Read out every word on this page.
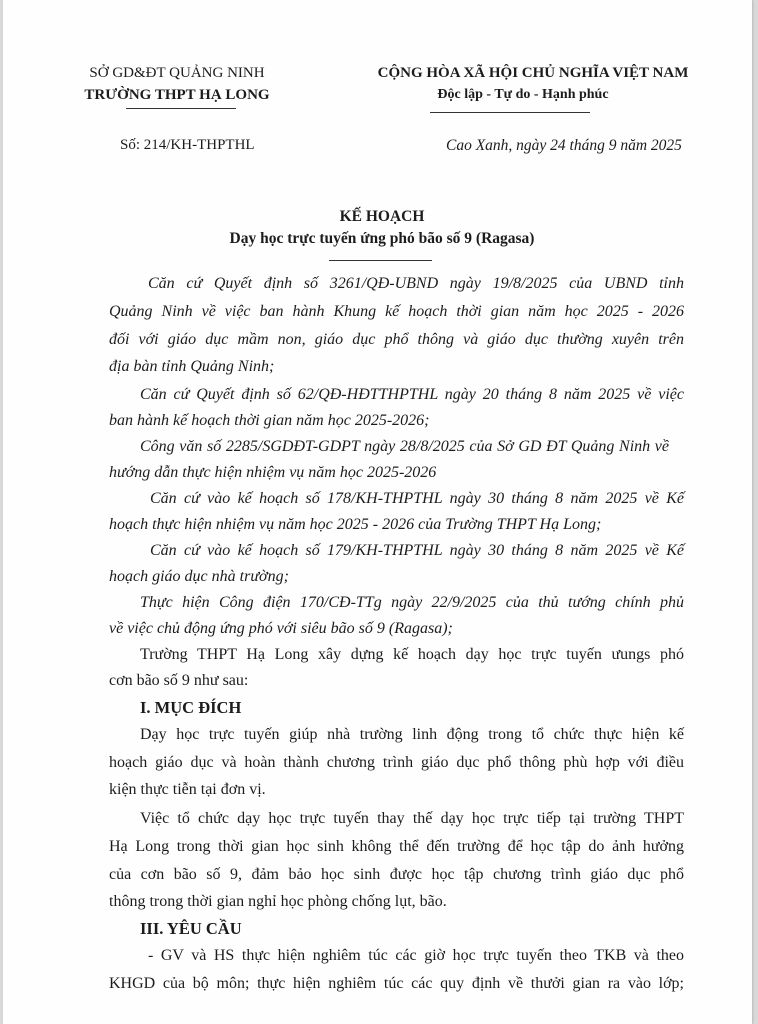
SỞ GD&ĐT QUẢNG NINH
TRƯỜNG THPT HẠ LONG
CỘNG HÒA XÃ HỘI CHỦ NGHĨA VIỆT NAM
Độc lập - Tự do - Hạnh phúc
Số: 214/KH-THPTHL	Cao Xanh, ngày 24 tháng 9 năm 2025
KẾ HOẠCH
Dạy học trực tuyến ứng phó bão số 9 (Ragasa)
Căn cứ Quyết định số 3261/QĐ-UBND ngày 19/8/2025 của UBND tỉnh
Quảng Ninh về việc ban hành Khung kế hoạch thời gian năm học 2025 - 2026
đối với giáo dục mầm non, giáo dục phổ thông và giáo dục thường xuyên trên
địa bàn tỉnh Quảng Ninh;
Căn cứ Quyết định số 62/QĐ-HĐTTHPTHL ngày 20 tháng 8 năm 2025 về việc
ban hành kế hoạch thời gian năm học 2025-2026;
Công văn số 2285/SGDĐT-GDPT ngày 28/8/2025 của Sở GD ĐT Quảng Ninh về
hướng dẫn thực hiện nhiệm vụ năm học 2025-2026
Căn cứ vào kế hoạch số 178/KH-THPTHL ngày 30 tháng 8 năm 2025 về Kế
hoạch thực hiện nhiệm vụ năm học 2025 - 2026 của Trường THPT Hạ Long;
Căn cứ vào kế hoạch số 179/KH-THPTHL ngày 30 tháng 8 năm 2025 về Kế
hoạch giáo dục nhà trường;
Thực hiện Công điện 170/CĐ-TTg ngày 22/9/2025 của thủ tướng chính phủ
về việc chủ động ứng phó với siêu bão số 9 (Ragasa);
Trường THPT Hạ Long xây dựng kế hoạch dạy học trực tuyến ưungs phó
cơn bão số 9 như sau:
I. MỤC ĐÍCH
Dạy học trực tuyến giúp nhà trường linh động trong tổ chức thực hiện kế
hoạch giáo dục và hoàn thành chương trình giáo dục phổ thông phù hợp với điều
kiện thực tiễn tại đơn vị.
Việc tổ chức dạy học trực tuyến thay thế dạy học trực tiếp tại trường THPT
Hạ Long trong thời gian học sinh không thể đến trường để học tập do ảnh hưởng
của cơn bão số 9, đảm bảo học sinh được học tập chương trình giáo dục phổ
thông trong thời gian nghỉ học phòng chống lụt, bão.
III. YÊU CẦU
- GV và HS thực hiện nghiêm túc các giờ học trực tuyến theo TKB và theo
KHGD của bộ môn; thực hiện nghiêm túc các quy định về thưởi gian ra vào lớp;
